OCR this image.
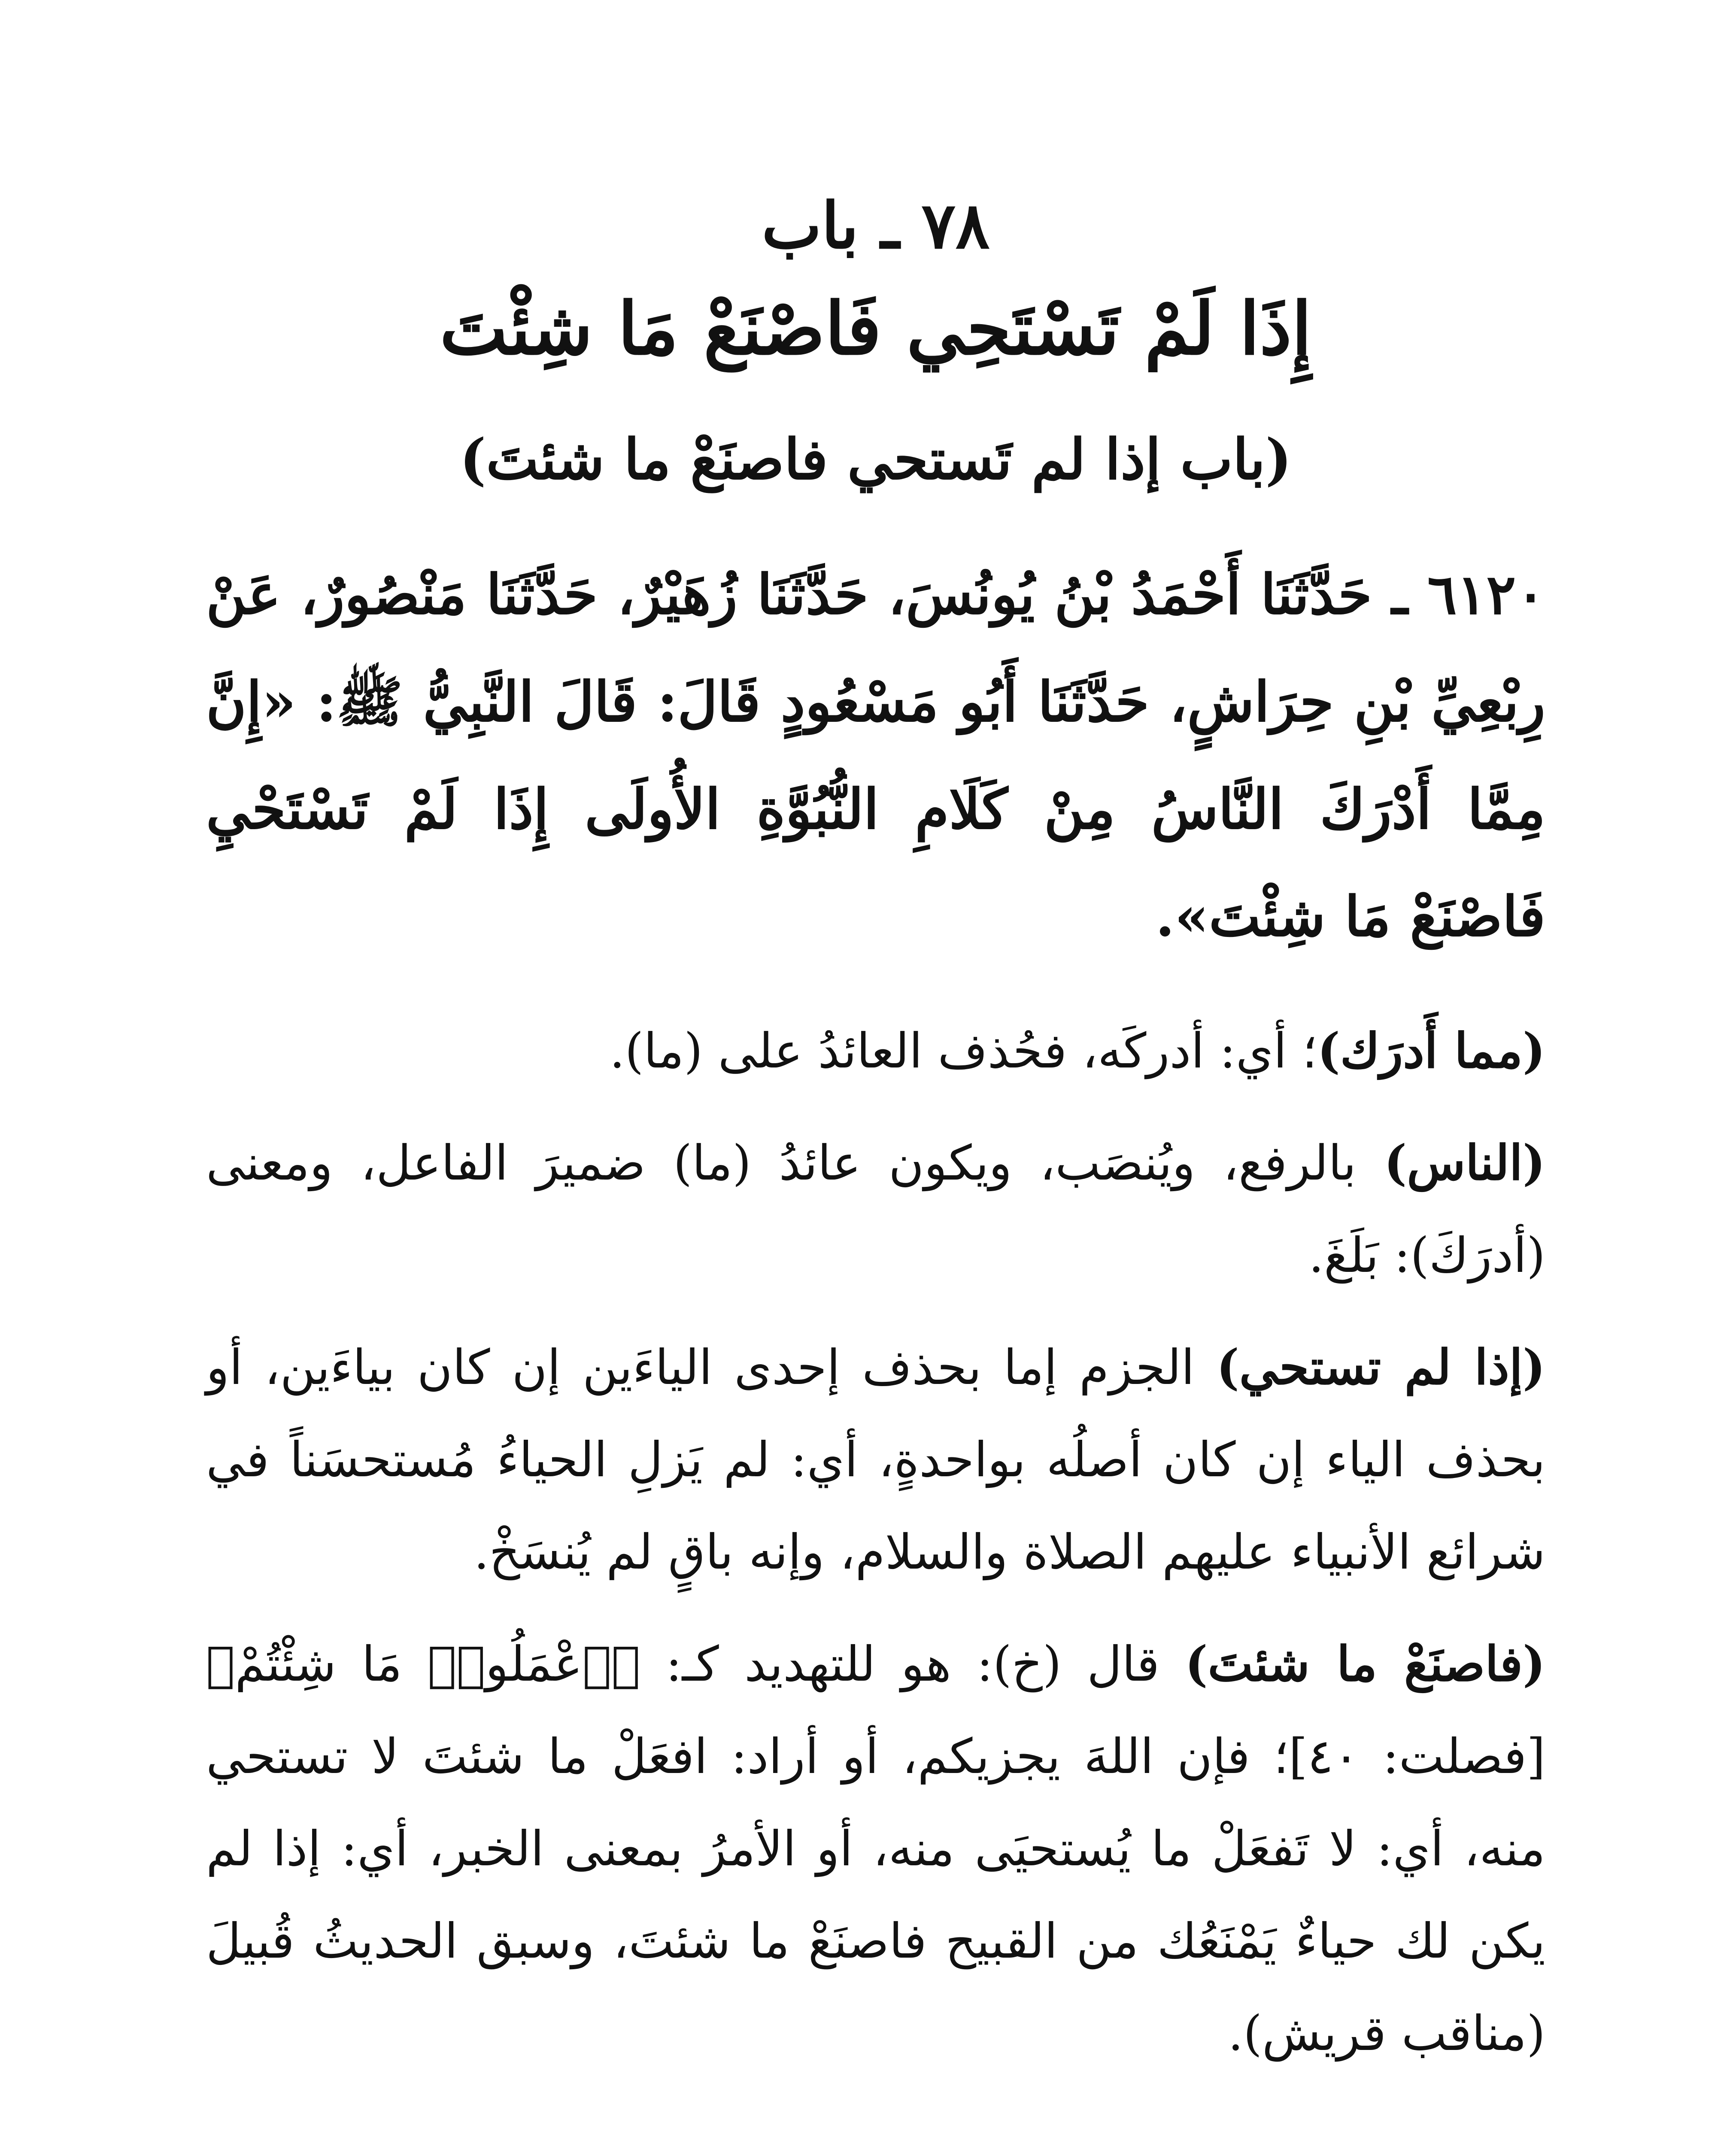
٧٨ ـ باب
إِذَا لَمْ تَسْتَحِي فَاصْنَعْ مَا شِئْتَ

(باب إذا لم تَستحي فاصنَعْ ما شئتَ)

٦١٢٠ ـ حَدَّثَنَا أَحْمَدُ بْنُ يُونُسَ، حَدَّثَنَا زُهَيْرٌ، حَدَّثَنَا مَنْصُورٌ، عَنْ رِبْعِيِّ بْنِ حِرَاشٍ، حَدَّثَنَا أَبُو مَسْعُودٍ قَالَ: قَالَ النَّبِيُّ ﷺ: «إِنَّ مِمَّا أَدْرَكَ النَّاسُ مِنْ كَلَامِ النُّبُوَّةِ الأُولَى إِذَا لَمْ تَسْتَحْيِ فَاصْنَعْ مَا شِئْتَ».

(مما أَدرَك)؛ أي: أدركَه، فحُذف العائدُ على (ما).

(الناس) بالرفع، ويُنصَب، ويكون عائدُ (ما) ضميرَ الفاعل، ومعنى (أدرَكَ): بَلَغَ.

(إذا لم تستحي) الجزم إما بحذف إحدى الياءَين إن كان بياءَين، أو بحذف الياء إن كان أصلُه بواحدةٍ، أي: لم يَزلِ الحياءُ مُستحسَناً في شرائع الأنبياء عليهم الصلاة والسلام، وإنه باقٍ لم يُنسَخْ.

(فاصنَعْ ما شئتَ) قال (خ): هو للتهديد كـ: ﴿ٱعْمَلُوا۟ مَا شِئْتُمْ﴾ [فصلت: ٤٠]؛ فإن اللهَ يجزيكم، أو أراد: افعَلْ ما شئتَ لا تستحي منه، أي: لا تَفعَلْ ما يُستحيَى منه، أو الأمرُ بمعنى الخبر، أي: إذا لم يكن لك حياءٌ يَمْنَعُك من القبيح فاصنَعْ ما شئتَ، وسبق الحديثُ قُبيلَ (مناقب قريش).
